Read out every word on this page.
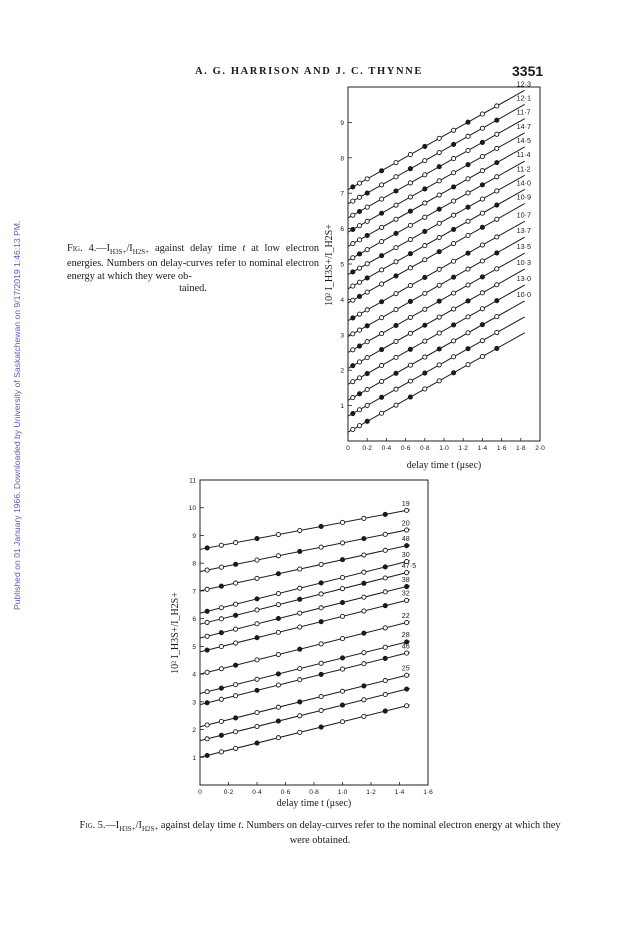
Published on 01 January 1966. Downloaded by University of Saskatchewan on 9/17/2019 1:46:13 PM.
A. G. HARRISON AND J. C. THYNNE	3351
Fig. $4.—I_{H3S+}/I_{H2S+}$ against delay time t at low electron energies. Numbers on delay-curves refer to nominal electron energy at which they were ob-
tained.
1
2
3
4
5
6
7
8
9
0 0·2 0·4 0·6 0·8 1·0 1·2 1·4 1·6 1·8 2·0
delay time t (μsec)
10² I_H3S+/I_H2S+
12·3
12·1
11·7
14·7
14·5
11·4
11·2
14·0
10·9
10·7
13·7
13·5
10·3
13·0
10·0
Fig. $5.—I_{H3S+}/I_{H2S+}$ against delay time t. Numbers on delay-curves refer to the nominal electron energy at which they were obtained.
1
2
3
4
5
6
7
8
9
10
11
0	0·2	0·4	0·6	0·8	1·0	1·2	1·4	1·6
delay time t (μsec)
10² I_H3S+/I_H2S+
19
20
48
30
47·5
38
32
22
28
46
25
